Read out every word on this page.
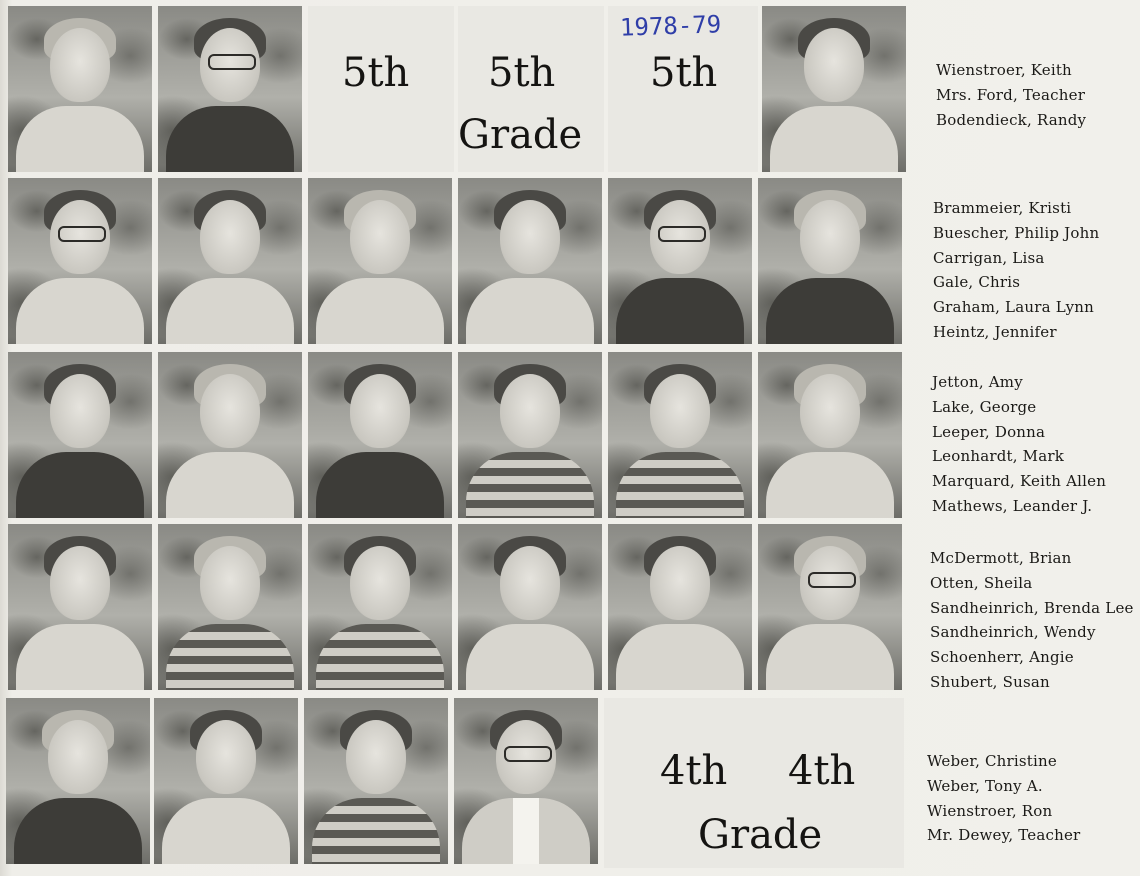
5th 5th
Grade
5th
1978-79
4th 4th
Grade
Wienstroer, Keith
Mrs. Ford, Teacher
Bodendieck, Randy
Brammeier, Kristi
Buescher, Philip John
Carrigan, Lisa
Gale, Chris
Graham, Laura Lynn
Heintz, Jennifer
Jetton, Amy
Lake, George
Leeper, Donna
Leonhardt, Mark
Marquard, Keith Allen
Mathews, Leander J.
McDermott, Brian
Otten, Sheila
Sandheinrich, Brenda Lee
Sandheinrich, Wendy
Schoenherr, Angie
Shubert, Susan
Weber, Christine
Weber, Tony A.
Wienstroer, Ron
Mr. Dewey, Teacher
